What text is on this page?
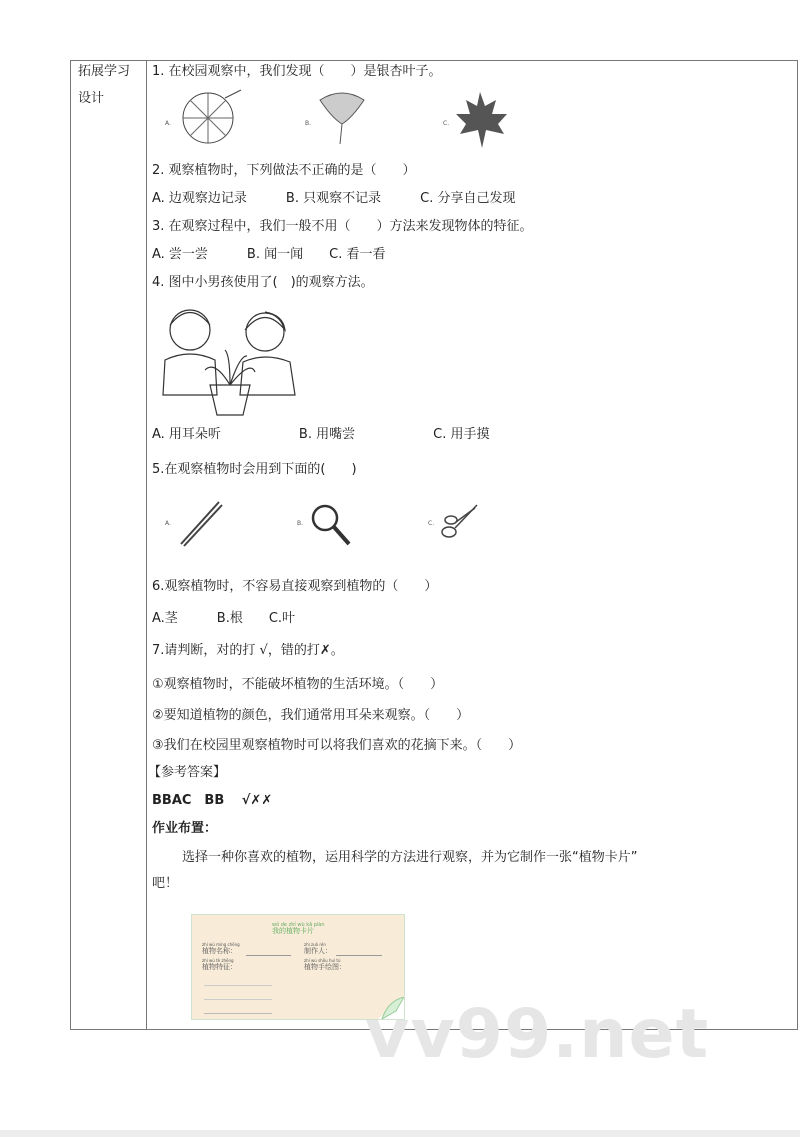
拓展学习
设计
1. 在校园观察中，我们发现（　　）是银杏叶子。
A.	B.	C.
2. 观察植物时，下列做法不正确的是（　　）
A. 边观察边记录　　　B. 只观察不记录　　　C. 分享自己发现
3. 在观察过程中，我们一般不用（　　）方法来发现物体的特征。
A. 尝一尝　　　B. 闻一闻　　C. 看一看
4. 图中小男孩使用了(　)的观察方法。
A. 用耳朵听　　　　　　B. 用嘴尝　　　　　　C. 用手摸
5.在观察植物时会用到下面的(　　)
A.	B.	C.
6.观察植物时，不容易直接观察到植物的（　　）
A.茎　　　B.根　　C.叶
7.请判断，对的打 √，错的打✗。
①观察植物时，不能破坏植物的生活环境。（　　）
②要知道植物的颜色，我们通常用耳朵来观察。（　　）
③我们在校园里观察植物时可以将我们喜欢的花摘下来。（　　）
【参考答案】
BBAC　BB　 √✗✗
作业布置：
选择一种你喜欢的植物，运用科学的方法进行观察，并为它制作一张“植物卡片”
吧！
wǒ de zhí wù kǎ piàn
我的植物卡片
zhí wù míng chēng
植物名称：
zhì zuò rén
制作人：
zhí wù tè zhēng
植物特征：
zhí wù shǒu huì tú
植物手绘图：
vv99.net
